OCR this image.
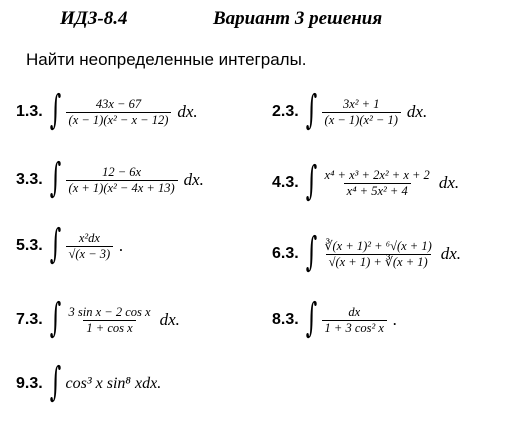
ИДЗ-8.4	Вариант 3 решения
Найти неопределенные интегралы.
1.3. ∫ $\frac{43x - 67}{\text{(x − 1)(x² − x − 12)}}$ dx.	2.3. ∫ $\frac{\text{3x² + 1}}{\text{(x − 1)(x² − 1)}}$ dx.
3.3. ∫ $\frac{12 - 6x}{\text{(x + 1)(x² − 4x + 13)}}$ dx.	4.3. ∫ $\frac{\text{x⁴ + x³ + 2x² + x + 2}}{\text{x⁴ + 5x² + 4}}$ dx.
5.3. ∫ $\frac{\text{x²dx}}{√(x - 3)}$ .	6.3. ∫ $\frac{\text{∛(x + 1)² + ⁶√(x + 1)}}{√(x + 1) + ∛(x + 1)}$ dx.
7.3. ∫ $\frac{\text{3 sin x − 2 cos x}}{\text{1 + cos x}}$ dx.	8.3. ∫ $\frac{dx}{\text{1 + 3 cos² x}}$ .
9.3. ∫ cos³ x sin⁸ xdx.
